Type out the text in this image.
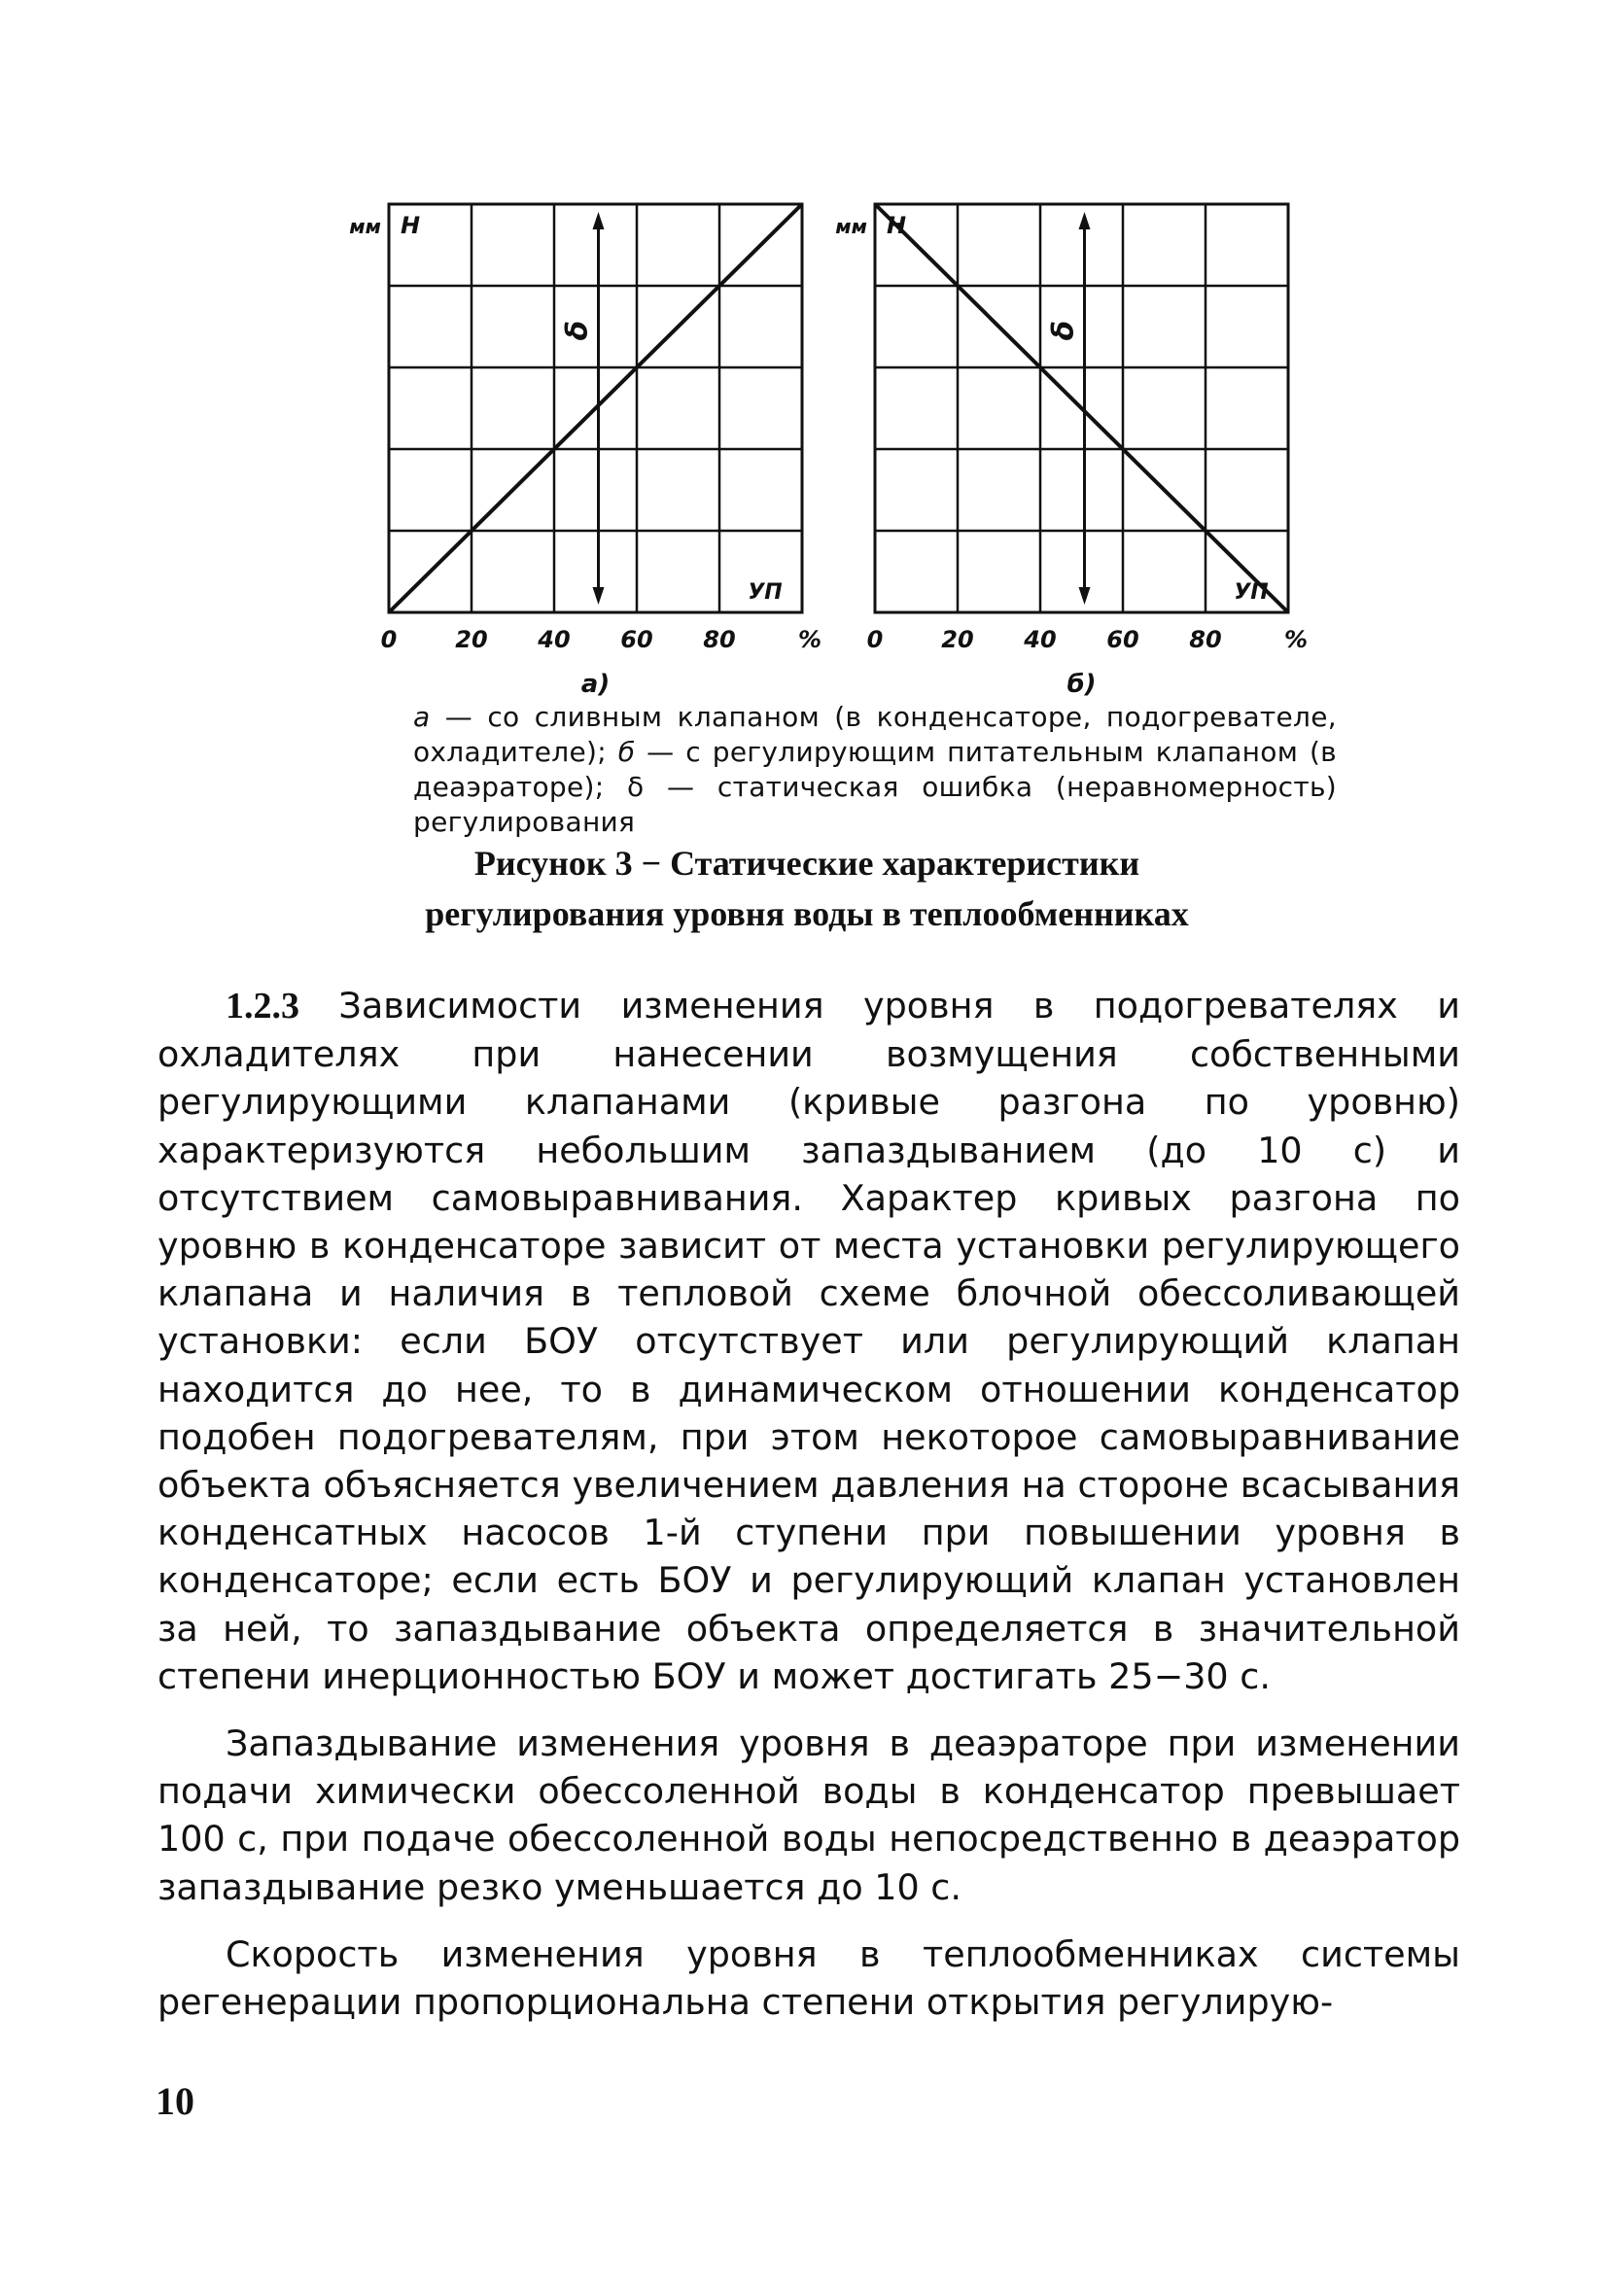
δ
мм H
УП
0 20 40 60 80	%
а)
δ
мм H
УП
0 20 40 60 80	%
б)
а — со сливным клапаном (в конденсаторе, подогревателе, охладителе); б — с регулирующим питательным клапаном (в деаэраторе); δ — статическая ошибка (неравномерность) регулирования
Рисунок 3 − Статические характеристики
регулирования уровня воды в теплообменниках

1.2.3 Зависимости изменения уровня в подогревателях и охладителях при нанесении возмущения собственными регулирующими клапанами (кривые разгона по уровню) характеризуются небольшим запаздыванием (до 10 с) и отсутствием самовыравнивания. Характер кривых разгона по уровню в конденсаторе зависит от места установки регулирующего клапана и наличия в тепловой схеме блочной обессоливающей установки: если БОУ отсутствует или регулирующий клапан находится до нее, то в динамическом отношении конденсатор подобен подогревателям, при этом некоторое самовыравнивание объекта объясняется увеличением давления на стороне всасывания конденсатных насосов 1-й ступени при повышении уровня в конденсаторе; если есть БОУ и регулирующий клапан установлен за ней, то запаздывание объекта определяется в значительной степени инерционностью БОУ и может достигать 25−30 с.

Запаздывание изменения уровня в деаэраторе при изменении подачи химически обессоленной воды в конденсатор превышает 100 с, при подаче обессоленной воды непосредственно в деаэратор запаздывание резко уменьшается до 10 с.

Скорость изменения уровня в теплообменниках системы регенерации пропорциональна степени открытия регулирую-

10
